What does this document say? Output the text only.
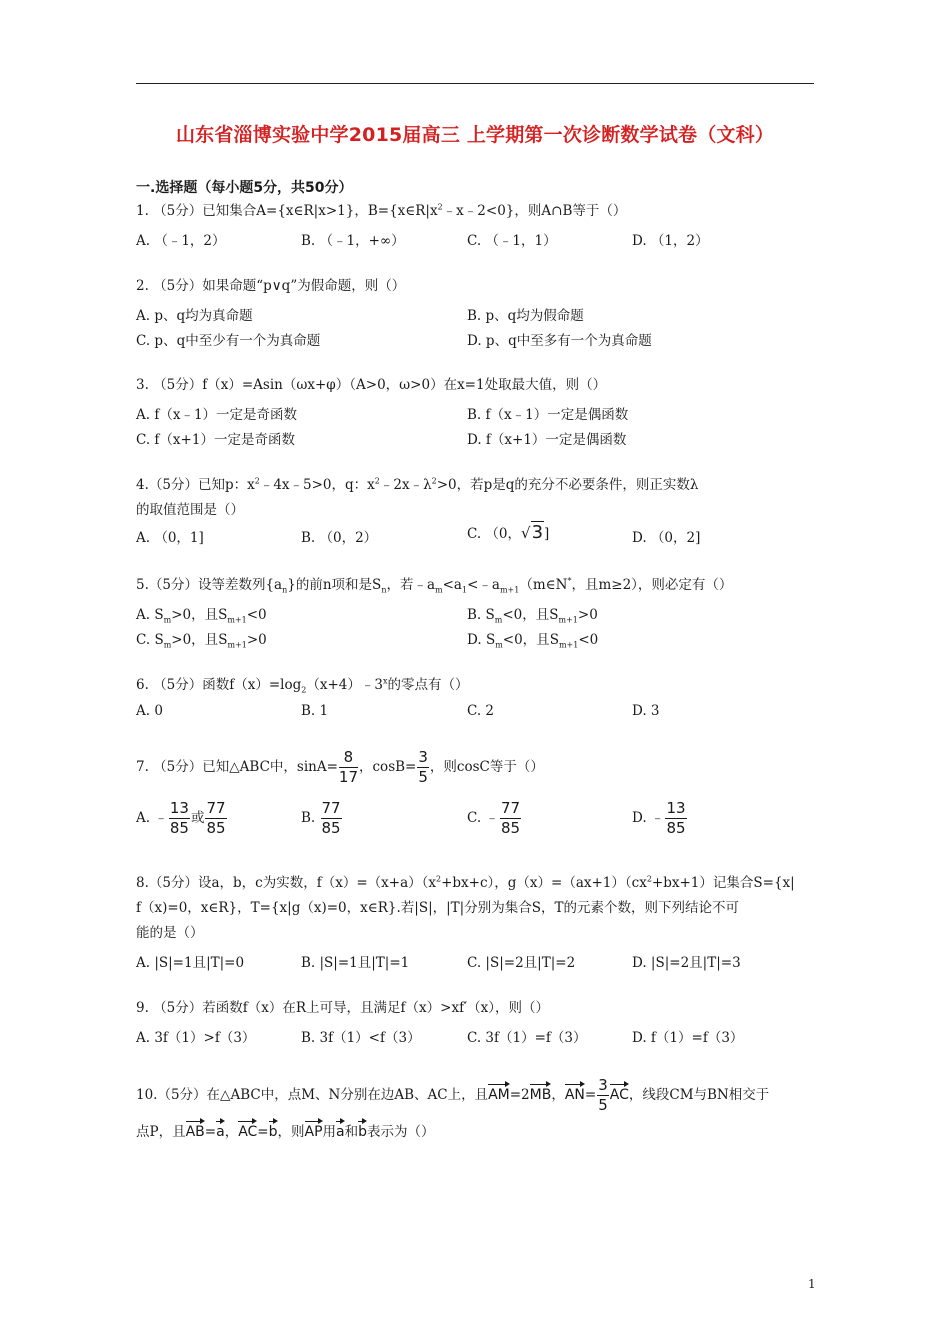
山东省淄博实验中学2015届高三 上学期第一次诊断数学试卷（文科）
一.选择题（每小题5分，共50分）
1. （5分）已知集合A={x∈R|x>1}，$B=\{x\in R|x^2﹣x﹣2<0\}$，则A∩B等于（）
A. （﹣1，2）	B. （﹣1，+∞）	C. （﹣1，1）	D. （1，2）
2. （5分）如果命题“p∨q”为假命题，则（）
A. p、q均为真命题	B. p、q均为假命题
C. p、q中至少有一个为真命题	D. p、q中至多有一个为真命题
3. （5分）f（x）=Asin（ωx+φ）（A>0，ω>0）在x=1处取最大值，则（）
A. f（x﹣1）一定是奇函数	B. f（x﹣1）一定是偶函数
C. f（x+1）一定是奇函数	D. f（x+1）一定是偶函数
4.（5分）已知p：$x^2﹣4x﹣5>0$，q：$x^2﹣2x﹣\lambda^2>0$，若p是q的充分不必要条件，则正实数λ
的取值范围是（）
A. （0，1]	B. （0，2）	C. （0，√3]	D. （0，2]
5.（5分）设等差数列$\{a_n\}$的前n项和是$S_n$，若$﹣a_m<a_1<﹣a_{m+1}(m\in N^*$，且m≥2），则必定有（）
A. $S_m>0$，且$S_{m+1}<0$	B. $S_m<0$，且$S_{m+1}>0$
C. $S_m>0$，且$S_{m+1}>0$	D. $S_m<0$，且$S_{m+1}<0$
6. （5分）函数$f(x)=\log_2(x+4)﹣3^x$的零点有（）
A. 0	B. 1	C. 2	D. 3
7. （5分）已知△ABC中，$\sin A= \frac{8}{17}$ ，$\cos B= \frac{3}{5}$ ，则cosC等于（）
A. ﹣ $\frac{13}{85}$ 或 $\frac{77}{85}$	B. $\frac{77}{85}$	C. ﹣ $\frac{77}{85}$	D. ﹣ $\frac{13}{85}$
8.（5分）设a，b，c为实数，$f(x)=(x+a)(x^2+bx+c)$，$g(x)=(ax+1)(cx^2+bx+1)$记集合S={x|
f（x)=0，x∈R}，T={x|g（x)=0，x∈R}.若|S|，|T|分别为集合S，T的元素个数，则下列结论不可
能的是（）
A. |S|=1且|T|=0	B. |S|=1且|T|=1	C. |S|=2且|T|=2	D. |S|=2且|T|=3
9. （5分）若函数f（x）在R上可导，且满足f（x）>xf′（x），则（）
A. 3f（1）>f（3）	B. 3f（1）<f（3）	C. 3f（1）=f（3）	D. f（1）=f（3）
10.（5分）在△ABC中，点M、N分别在边AB、AC上，且AM=2MB，$AN= \frac{3}{5}$ AC，线段CM与BN相交于
点P，且AB=a，AC=b，则AP用a和b表示为（）
1
